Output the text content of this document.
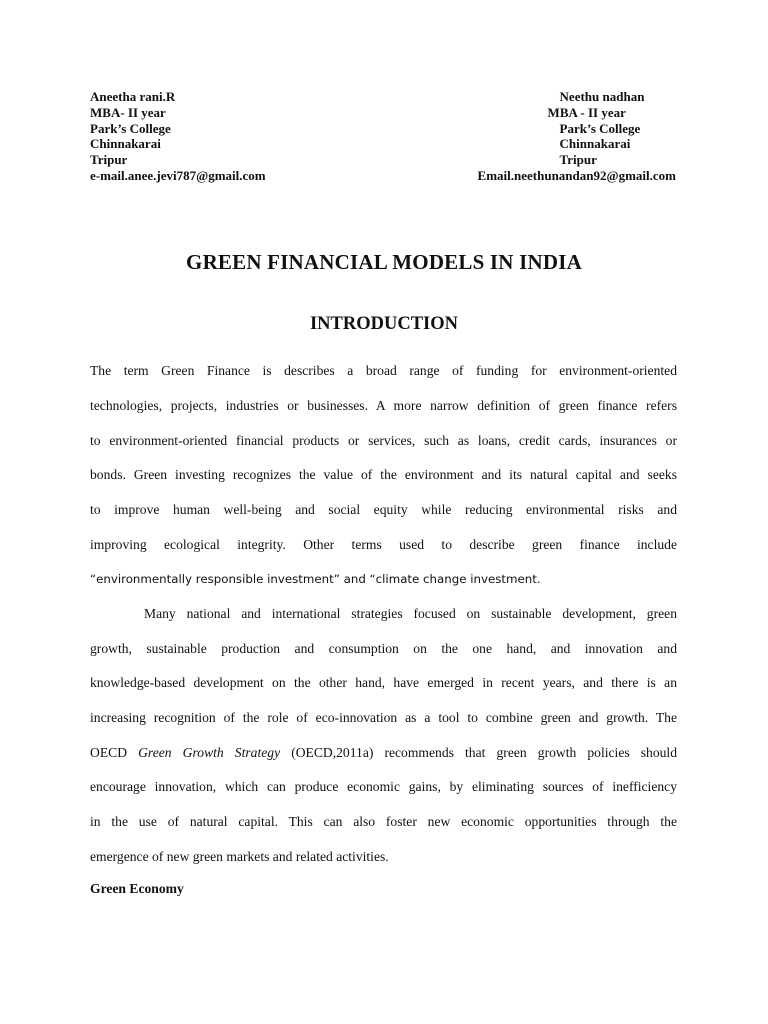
Aneetha rani.R
MBA- II year
Park’s College
Chinnakarai
Tripur
e-mail.anee.jevi787@gmail.com
Neethu nadhan
MBA - II year
Park’s College
Chinnakarai
Tripur
Email.neethunandan92@gmail.com
GREEN FINANCIAL MODELS IN INDIA
INTRODUCTION
The term Green Finance is describes a broad range of funding for environment-oriented
technologies, projects, industries or businesses. A more narrow definition of green finance refers
to environment-oriented financial products or services, such as loans, credit cards, insurances or
bonds. Green investing recognizes the value of the environment and its natural capital and seeks
to improve human well-being and social equity while reducing environmental risks and
improving ecological integrity. Other terms used to describe green finance include
“environmentally responsible investment” and “climate change investment.
Many national and international strategies focused on sustainable development, green
growth, sustainable production and consumption on the one hand, and innovation and
knowledge-based development on the other hand, have emerged in recent years, and there is an
increasing recognition of the role of eco-innovation as a tool to combine green and growth. The
OECD Green Growth Strategy (OECD,2011a) recommends that green growth policies should
encourage innovation, which can produce economic gains, by eliminating sources of inefficiency
in the use of natural capital. This can also foster new economic opportunities through the
emergence of new green markets and related activities.
Green Economy
